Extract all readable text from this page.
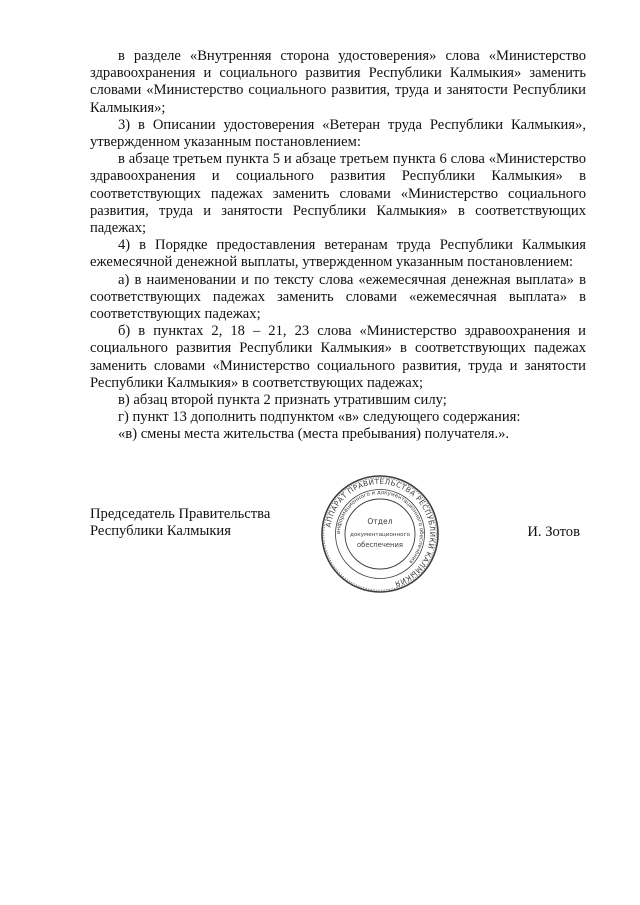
в разделе «Внутренняя сторона удостоверения» слова «Министерство здравоохранения и социального развития Республики Калмыкия» заменить словами «Министерство социального развития, труда и занятости Республики Калмыкия»;

3) в Описании удостоверения «Ветеран труда Республики Калмыкия», утвержденном указанным постановлением:

в абзаце третьем пункта 5 и абзаце третьем пункта 6 слова «Министерство здравоохранения и социального развития Республики Калмыкия» в соответствующих падежах заменить словами «Министерство социального развития, труда и занятости Республики Калмыкия» в соответствующих падежах;

4) в Порядке предоставления ветеранам труда Республики Калмыкия ежемесячной денежной выплаты, утвержденном указанным постановлением:

а) в наименовании и по тексту слова «ежемесячная денежная выплата» в соответствующих падежах заменить словами «ежемесячная выплата» в соответствующих падежах;

б) в пунктах 2, 18 – 21, 23 слова «Министерство здравоохранения и социального развития Республики Калмыкия» в соответствующих падежах заменить словами «Министерство социального развития, труда и занятости Республики Калмыкия» в соответствующих падежах;

в) абзац второй пункта 2 признать утратившим силу;

г) пункт 13 дополнить подпунктом «в» следующего содержания:

«в) смены места жительства (места пребывания) получателя.».

Председатель Правительства
Республики Калмыкия	И. Зотов
АППАРАТ ПРАВИТЕЛЬСТВА РЕСПУБЛИКИ КАЛМЫКИЯ
информационного и документационного обеспечения
Отдел
документационного
обеспечения
